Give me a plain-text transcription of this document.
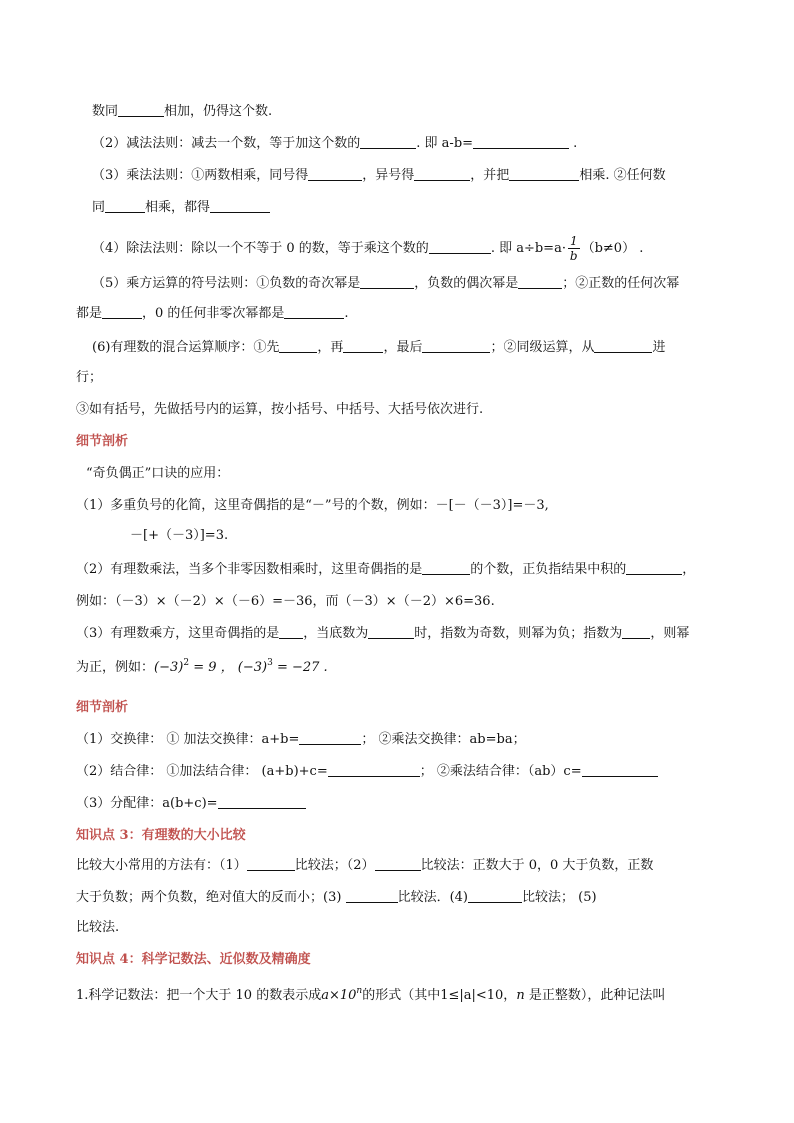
数同	相加，仍得这个数.
（2）减法法则：减去一个数，等于加这个数的	. 即 a-b=	.
（3）乘法法则：①两数相乘，同号得	，异号得	，并把	相乘. ②任何数
同	相乘，都得
（4）除法法则：除以一个不等于 0 的数，等于乘这个数的	. 即 $a\div b=a\cdot \frac{1}{b} (b\ne 0)$ .
（5）乘方运算的符号法则：①负数的奇次幂是	，负数的偶次幂是	；②正数的任何次幂
都是	，0 的任何非零次幂都是	.
(6)有理数的混合运算顺序：①先	，再	，最后	；②同级运算，从	进
行；
③如有括号，先做括号内的运算，按小括号、中括号、大括号依次进行.
细节剖析
“奇负偶正”口诀的应用：
（1）多重负号的化简，这里奇偶指的是“－”号的个数，例如：－[－（－3）]=－3,
－[+（－3）]=3.
（2）有理数乘法，当多个非零因数相乘时，这里奇偶指的是	的个数，正负指结果中积的	，
例如：（－3）×（－2）×（－6）=－36，而（－3）×（－2）×6=36.
（3）有理数乘方，这里奇偶指的是 ，当底数为	时，指数为奇数，则幂为负；指数为 ，则幂
为正，例如：$(-3)^2 = 9$ ， $(-3)^3 = -27$ .
细节剖析
（1）交换律： ① 加法交换律：a+b=	； ②乘法交换律：ab=ba；
（2）结合律： ①加法结合律： (a+b)+c=	； ②乘法结合律：（ab）c=
（3）分配律：a(b+c)=
知识点 3：有理数的大小比较
比较大小常用的方法有：（1）	比较法；（2）	比较法：正数大于 0，0 大于负数，正数
大于负数；两个负数，绝对值大的反而小；(3)	比较法．(4)	比较法； (5)
比较法.
知识点 4：科学记数法、近似数及精确度
1.科学记数法：把一个大于 10 的数表示成$a\times 10^n$的形式（其中1≤|a|<10，n 是正整数），此种记法叫
